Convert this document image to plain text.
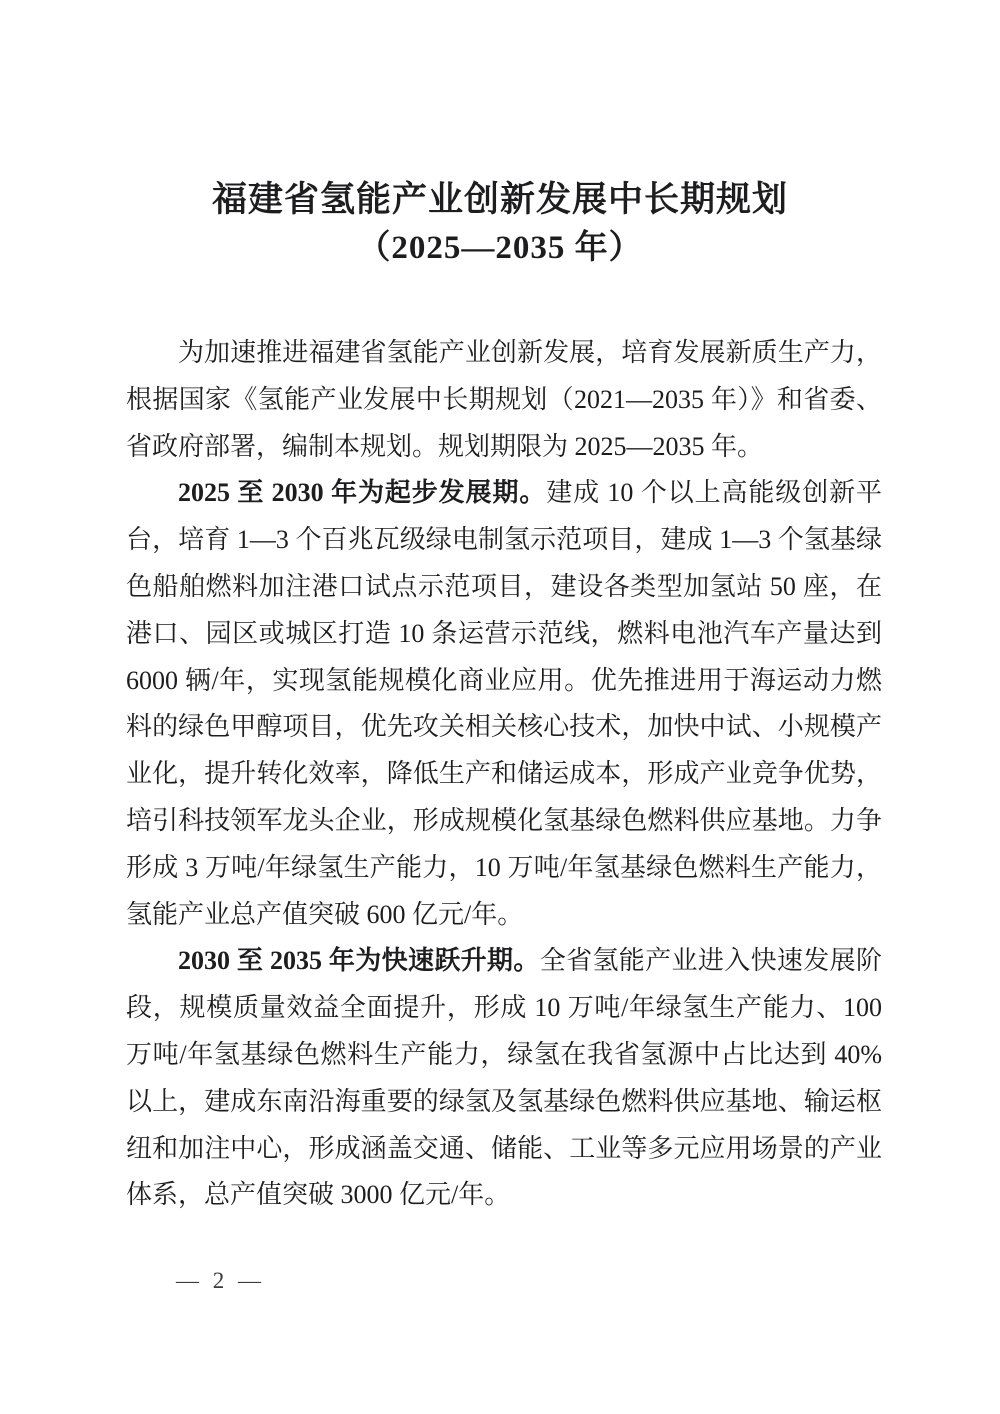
福建省氢能产业创新发展中长期规划
（2025—2035 年）

为加速推进福建省氢能产业创新发展，培育发展新质生产力，根据国家《氢能产业发展中长期规划（2021—2035 年）》和省委、省政府部署，编制本规划。规划期限为 2025—2035 年。

2025 至 2030 年为起步发展期。建成 10 个以上高能级创新平台，培育 1—3 个百兆瓦级绿电制氢示范项目，建成 1—3 个氢基绿色船舶燃料加注港口试点示范项目，建设各类型加氢站 50 座，在港口、园区或城区打造 10 条运营示范线，燃料电池汽车产量达到 6000 辆/年，实现氢能规模化商业应用。优先推进用于海运动力燃料的绿色甲醇项目，优先攻关相关核心技术，加快中试、小规模产业化，提升转化效率，降低生产和储运成本，形成产业竞争优势，培引科技领军龙头企业，形成规模化氢基绿色燃料供应基地。力争形成 3 万吨/年绿氢生产能力，10 万吨/年氢基绿色燃料生产能力，氢能产业总产值突破 600 亿元/年。

2030 至 2035 年为快速跃升期。全省氢能产业进入快速发展阶段，规模质量效益全面提升，形成 10 万吨/年绿氢生产能力、100 万吨/年氢基绿色燃料生产能力，绿氢在我省氢源中占比达到 40%以上，建成东南沿海重要的绿氢及氢基绿色燃料供应基地、输运枢纽和加注中心，形成涵盖交通、储能、工业等多元应用场景的产业体系，总产值突破 3000 亿元/年。

— 2 —
